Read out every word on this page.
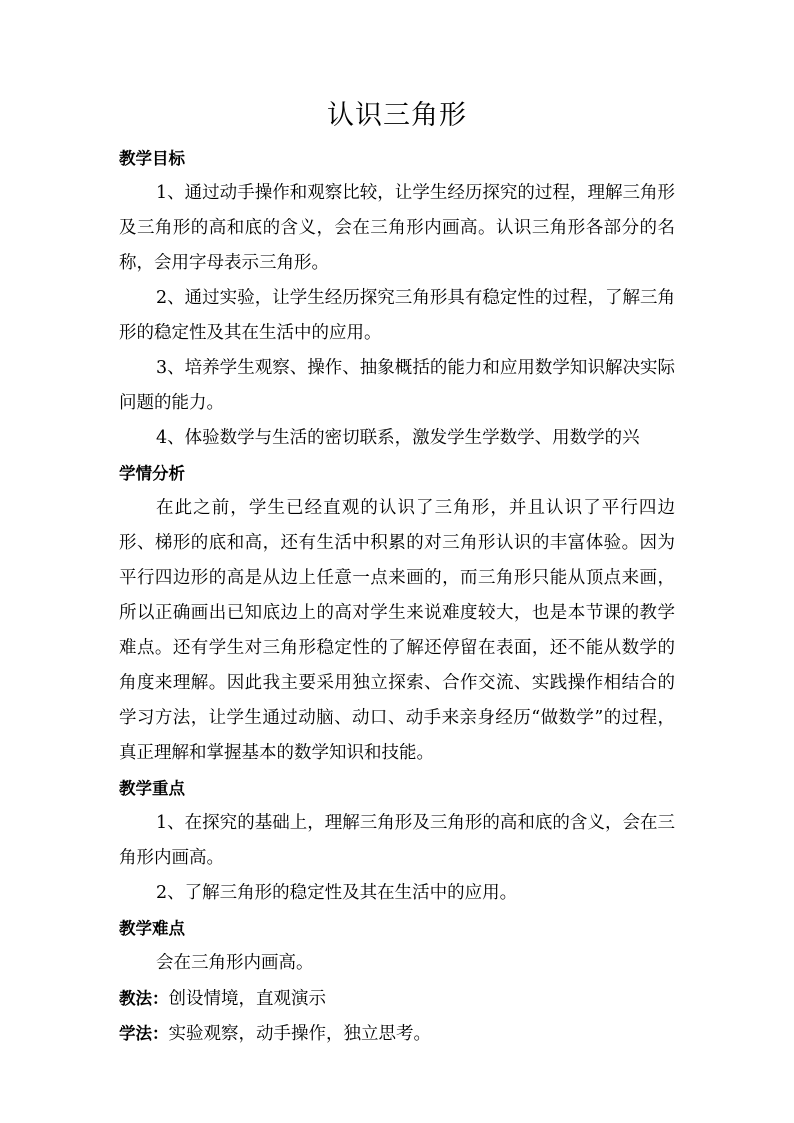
认识三角形

教学目标

1、通过动手操作和观察比较，让学生经历探究的过程，理解三角形及三角形的高和底的含义，会在三角形内画高。认识三角形各部分的名称，会用字母表示三角形。

2、通过实验，让学生经历探究三角形具有稳定性的过程，了解三角形的稳定性及其在生活中的应用。

3、培养学生观察、操作、抽象概括的能力和应用数学知识解决实际问题的能力。

4、体验数学与生活的密切联系，激发学生学数学、用数学的兴

学情分析

在此之前，学生已经直观的认识了三角形，并且认识了平行四边形、梯形的底和高，还有生活中积累的对三角形认识的丰富体验。因为平行四边形的高是从边上任意一点来画的，而三角形只能从顶点来画，所以正确画出已知底边上的高对学生来说难度较大，也是本节课的教学难点。还有学生对三角形稳定性的了解还停留在表面，还不能从数学的角度来理解。因此我主要采用独立探索、合作交流、实践操作相结合的学习方法，让学生通过动脑、动口、动手来亲身经历“做数学”的过程，真正理解和掌握基本的数学知识和技能。

教学重点

1、在探究的基础上，理解三角形及三角形的高和底的含义，会在三角形内画高。

2、了解三角形的稳定性及其在生活中的应用。

教学难点

会在三角形内画高。

教法：创设情境，直观演示

学法：实验观察，动手操作，独立思考。
